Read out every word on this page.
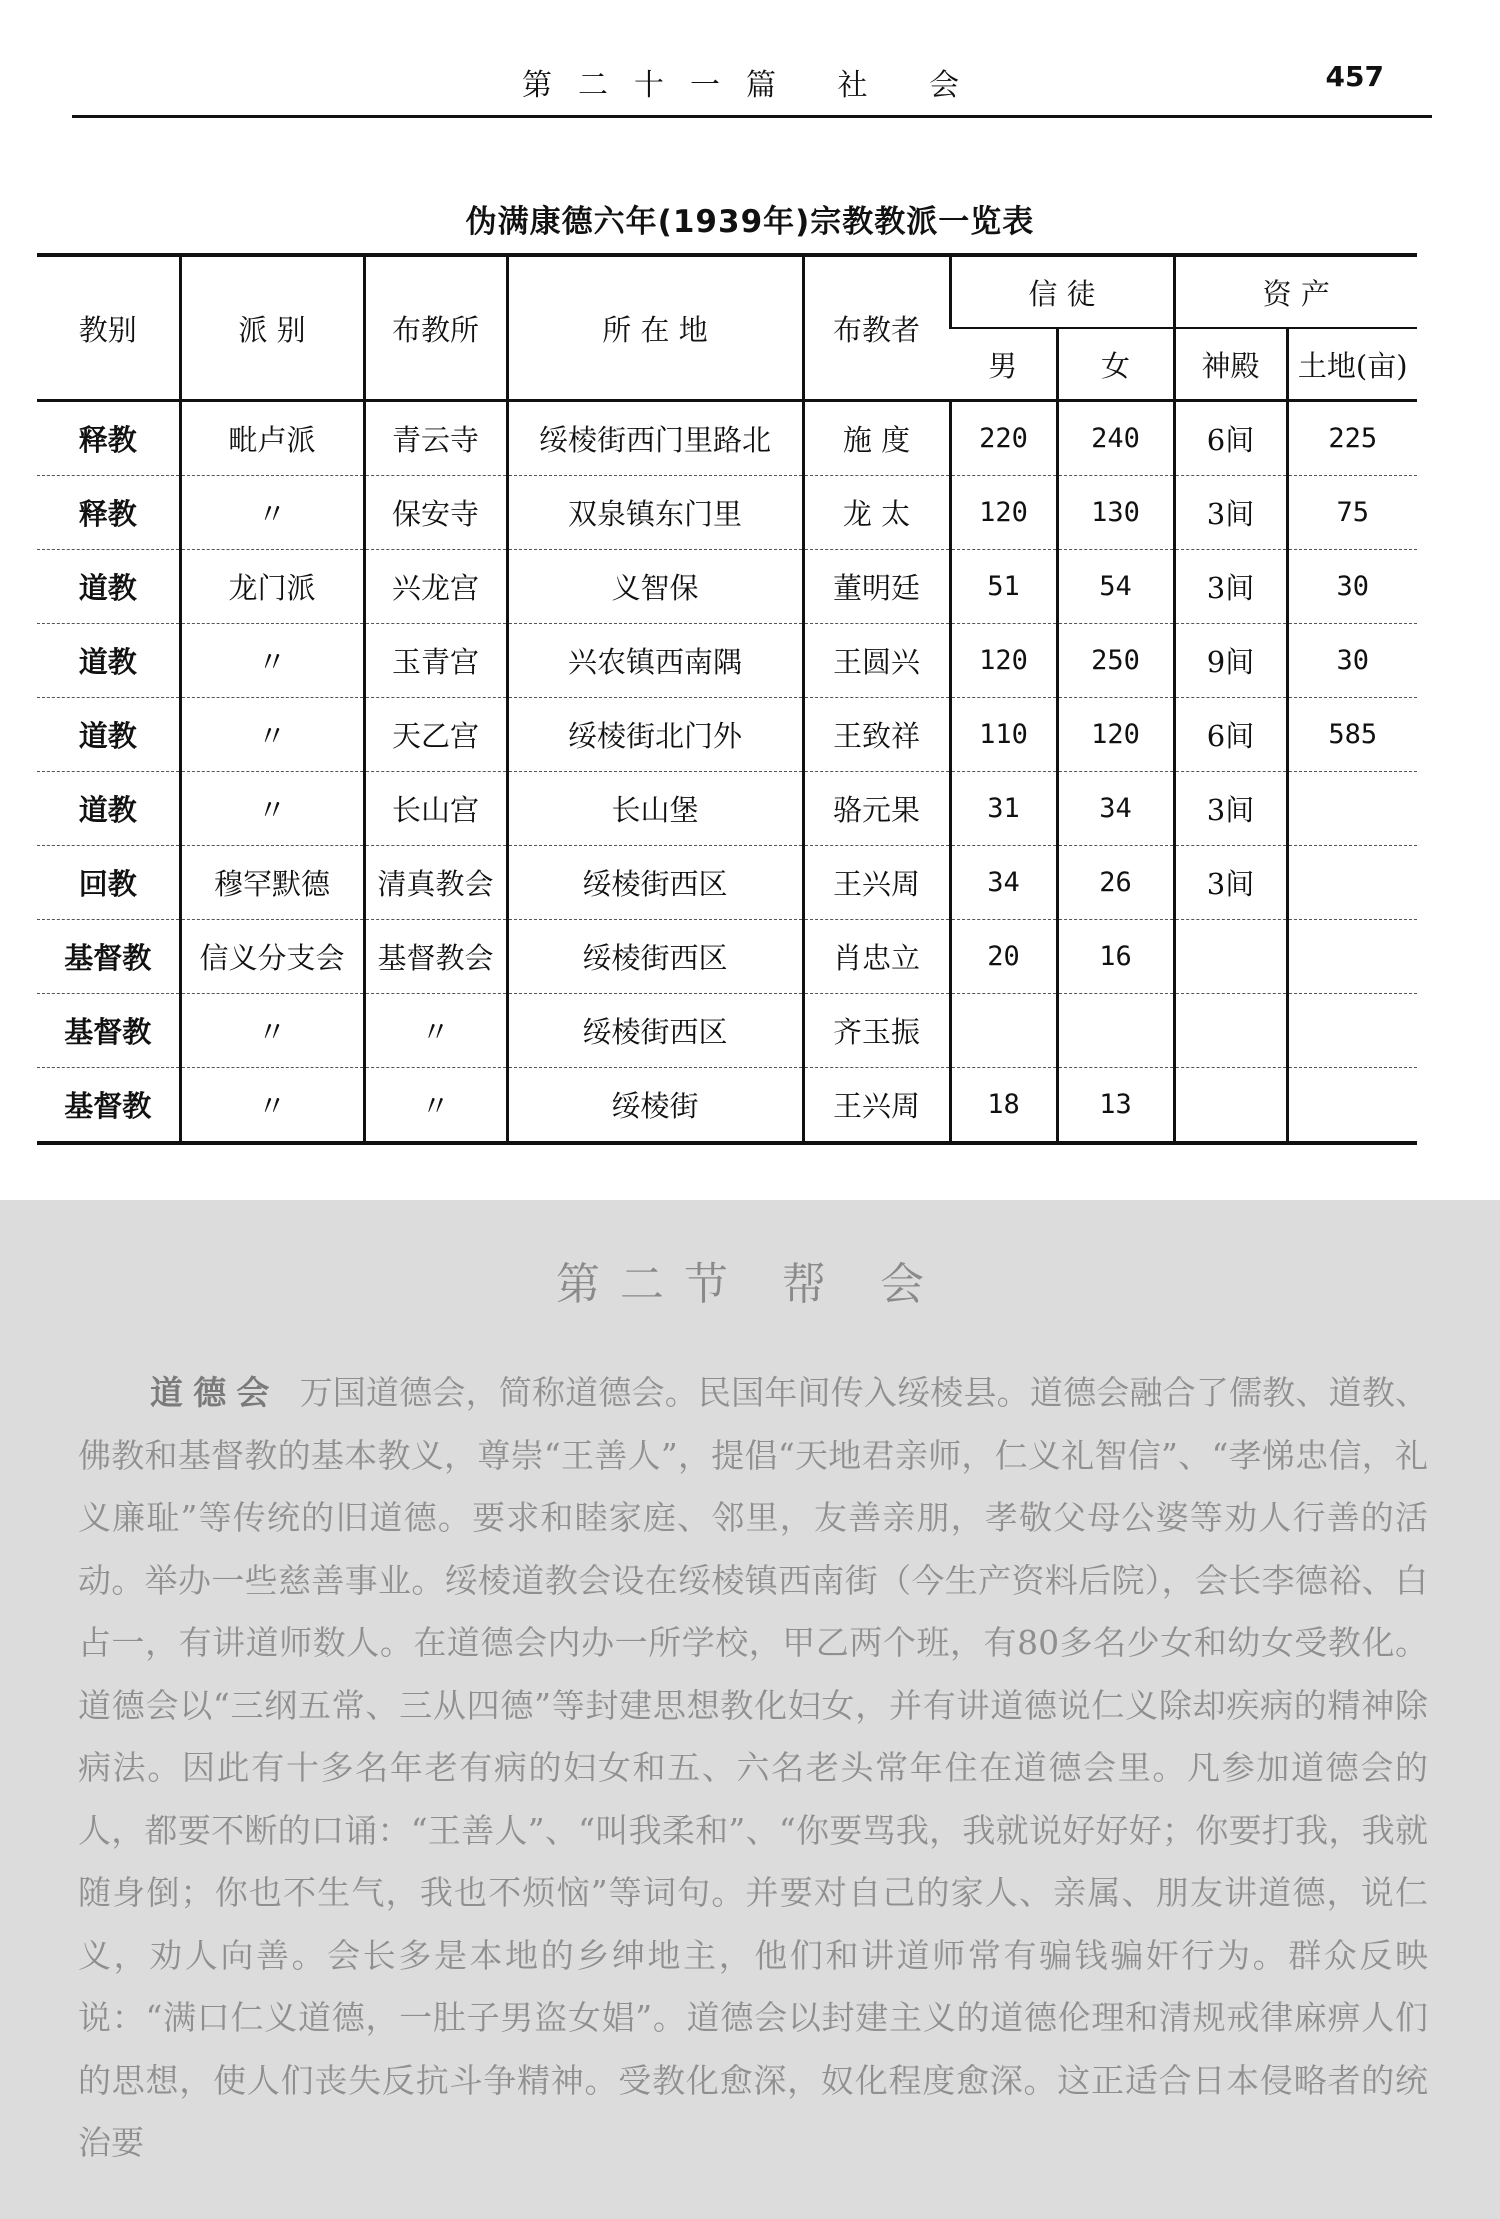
第二十一篇 社 会	457
伪满康德六年(1939年)宗教教派一览表
教别	派 别	布教所	所 在 地	布教者	信 徒		资 产	
					男	女	神殿	土地(亩)
释教	毗卢派	青云寺	绥棱街西门里路北	施 度	220	240	6间	225
释教	〃	保安寺	双泉镇东门里	龙 太	120	130	3间	75
道教	龙门派	兴龙宫	义智保	董明廷	51	54	3间	30
道教	〃	玉青宫	兴农镇西南隅	王圆兴	120	250	9间	30
道教	〃	天乙宫	绥棱街北门外	王致祥	110	120	6间	585
道教	〃	长山宫	长山堡	骆元果	31	34	3间	
回教	穆罕默德	清真教会	绥棱街西区	王兴周	34	26	3间	
基督教	信义分支会	基督教会	绥棱街西区	肖忠立	20	16		
基督教	〃	〃	绥棱街西区	齐玉振				
基督教	〃	〃	绥棱街	王兴周	18	13		
第二节 帮 会
道德会 万国道德会，简称道德会。民国年间传入绥棱县。道德会融合了儒教、道教、佛教和基督教的基本教义，尊崇“王善人”，提倡“天地君亲师，仁义礼智信”、“孝悌忠信，礼义廉耻”等传统的旧道德。要求和睦家庭、邻里，友善亲朋，孝敬父母公婆等劝人行善的活动。举办一些慈善事业。绥棱道教会设在绥棱镇西南街（今生产资料后院），会长李德裕、白占一，有讲道师数人。在道德会内办一所学校，甲乙两个班，有80多名少女和幼女受教化。道德会以“三纲五常、三从四德”等封建思想教化妇女，并有讲道德说仁义除却疾病的精神除病法。因此有十多名年老有病的妇女和五、六名老头常年住在道德会里。凡参加道德会的人，都要不断的口诵：“王善人”、“叫我柔和”、“你要骂我，我就说好好好；你要打我，我就随身倒；你也不生气，我也不烦恼”等词句。并要对自己的家人、亲属、朋友讲道德，说仁义，劝人向善。会长多是本地的乡绅地主，他们和讲道师常有骗钱骗奸行为。群众反映说：“满口仁义道德，一肚子男盗女娼”。道德会以封建主义的道德伦理和清规戒律麻痹人们的思想，使人们丧失反抗斗争精神。受教化愈深，奴化程度愈深。这正适合日本侵略者的统治要
